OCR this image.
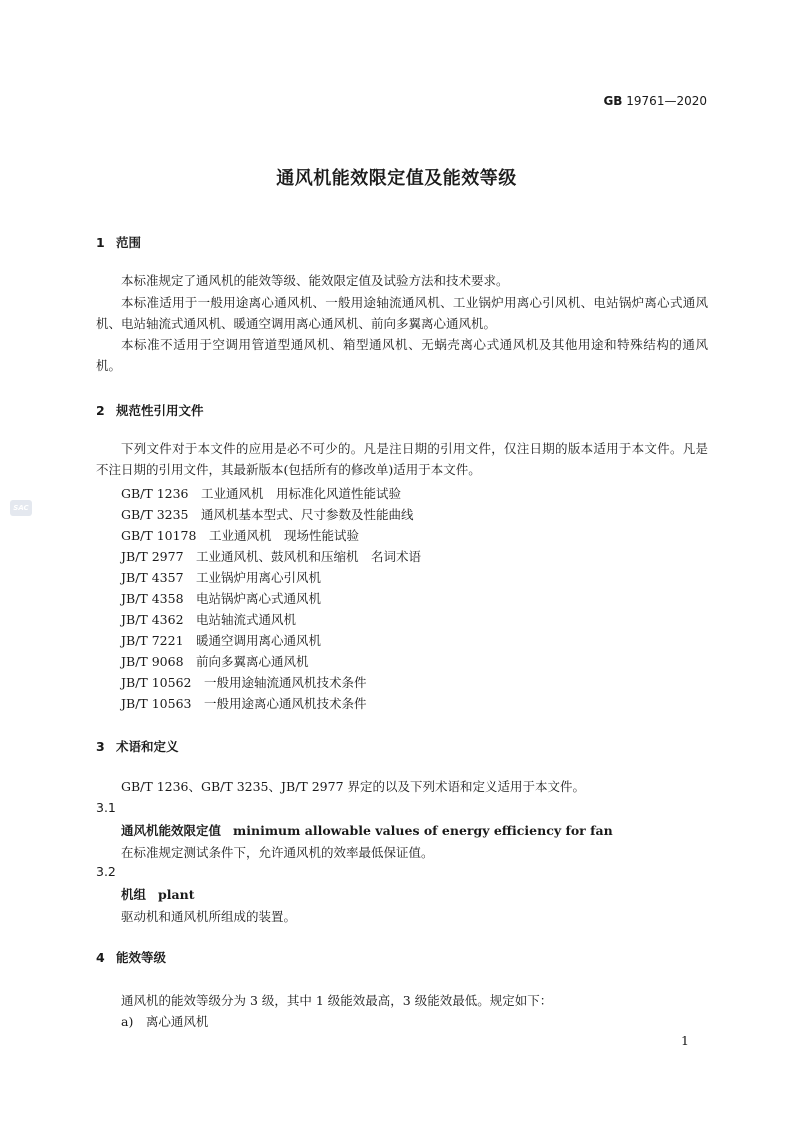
GB 19761—2020
通风机能效限定值及能效等级
SAC
1 范围
本标准规定了通风机的能效等级、能效限定值及试验方法和技术要求。
本标准适用于一般用途离心通风机、一般用途轴流通风机、工业锅炉用离心引风机、电站锅炉离心式通风机、电站轴流式通风机、暖通空调用离心通风机、前向多翼离心通风机。
本标准不适用于空调用管道型通风机、箱型通风机、无蜗壳离心式通风机及其他用途和特殊结构的通风机。
2 规范性引用文件
下列文件对于本文件的应用是必不可少的。凡是注日期的引用文件，仅注日期的版本适用于本文件。凡是不注日期的引用文件，其最新版本(包括所有的修改单)适用于本文件。
GB/T 1236　 工业通风机　用标准化风道性能试验
GB/T 3235　 通风机基本型式、尺寸参数及性能曲线
GB/T 10178　 工业通风机　现场性能试验
JB/T 2977　 工业通风机、鼓风机和压缩机　名词术语
JB/T 4357　 工业锅炉用离心引风机
JB/T 4358　 电站锅炉离心式通风机
JB/T 4362　 电站轴流式通风机
JB/T 7221　 暖通空调用离心通风机
JB/T 9068　 前向多翼离心通风机
JB/T 10562　 一般用途轴流通风机技术条件
JB/T 10563　 一般用途离心通风机技术条件
3 术语和定义
GB/T 1236、GB/T 3235、JB/T 2977 界定的以及下列术语和定义适用于本文件。
3.1
通风机能效限定值 minimum allowable values of energy efficiency for fan
在标准规定测试条件下，允许通风机的效率最低保证值。
3.2
机组 plant
驱动机和通风机所组成的装置。
4 能效等级
通风机的能效等级分为 3 级，其中 1 级能效最高，3 级能效最低。规定如下：
a)　 离心通风机
1
